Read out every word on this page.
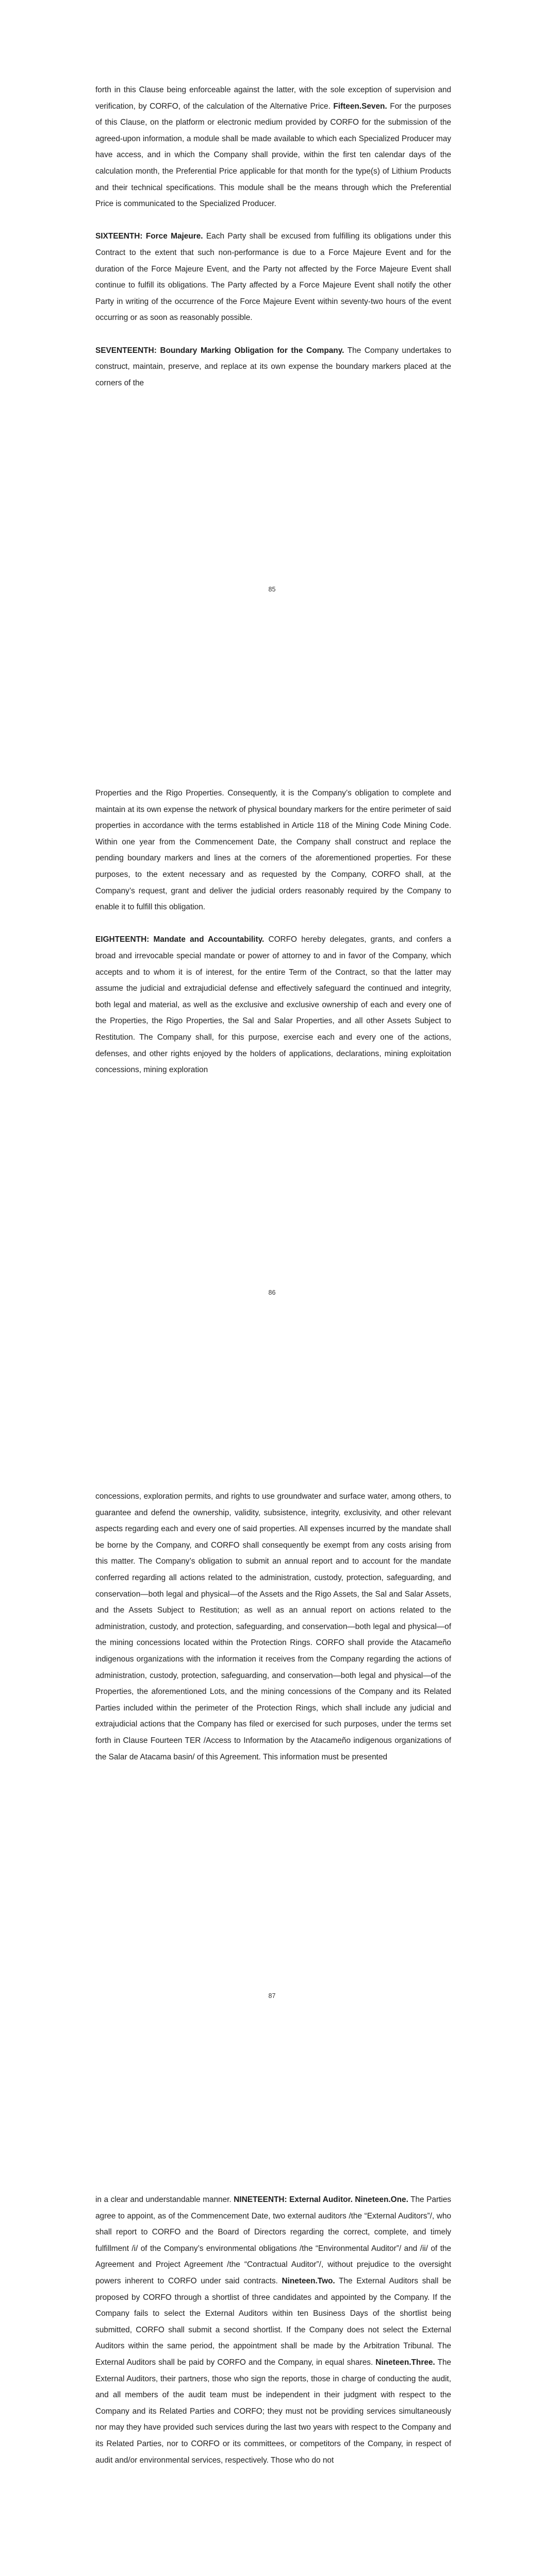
forth in this Clause being enforceable against the latter, with the sole exception of supervision and verification, by CORFO, of the calculation of the Alternative Price. Fifteen.Seven. For the purposes of this Clause, on the platform or electronic medium provided by CORFO for the submission of the agreed-upon information, a module shall be made available to which each Specialized Producer may have access, and in which the Company shall provide, within the first ten calendar days of the calculation month, the Preferential Price applicable for that month for the type(s) of Lithium Products and their technical specifications. This module shall be the means through which the Preferential Price is communicated to the Specialized Producer.

SIXTEENTH: Force Majeure. Each Party shall be excused from fulfilling its obligations under this Contract to the extent that such non-performance is due to a Force Majeure Event and for the duration of the Force Majeure Event, and the Party not affected by the Force Majeure Event shall continue to fulfill its obligations. The Party affected by a Force Majeure Event shall notify the other Party in writing of the occurrence of the Force Majeure Event within seventy-two hours of the event occurring or as soon as reasonably possible.

SEVENTEENTH: Boundary Marking Obligation for the Company. The Company undertakes to construct, maintain, preserve, and replace at its own expense the boundary markers placed at the corners of the

85

Properties and the Rigo Properties. Consequently, it is the Company’s obligation to complete and maintain at its own expense the network of physical boundary markers for the entire perimeter of said properties in accordance with the terms established in Article 118 of the Mining Code Mining Code. Within one year from the Commencement Date, the Company shall construct and replace the pending boundary markers and lines at the corners of the aforementioned properties. For these purposes, to the extent necessary and as requested by the Company, CORFO shall, at the Company’s request, grant and deliver the judicial orders reasonably required by the Company to enable it to fulfill this obligation.

EIGHTEENTH: Mandate and Accountability. CORFO hereby delegates, grants, and confers a broad and irrevocable special mandate or power of attorney to and in favor of the Company, which accepts and to whom it is of interest, for the entire Term of the Contract, so that the latter may assume the judicial and extrajudicial defense and effectively safeguard the continued and integrity, both legal and material, as well as the exclusive and exclusive ownership of each and every one of the Properties, the Rigo Properties, the Sal and Salar Properties, and all other Assets Subject to Restitution. The Company shall, for this purpose, exercise each and every one of the actions, defenses, and other rights enjoyed by the holders of applications, declarations, mining exploitation concessions, mining exploration

86

concessions, exploration permits, and rights to use groundwater and surface water, among others, to guarantee and defend the ownership, validity, subsistence, integrity, exclusivity, and other relevant aspects regarding each and every one of said properties. All expenses incurred by the mandate shall be borne by the Company, and CORFO shall consequently be exempt from any costs arising from this matter. The Company’s obligation to submit an annual report and to account for the mandate conferred regarding all actions related to the administration, custody, protection, safeguarding, and conservation—both legal and physical—of the Assets and the Rigo Assets, the Sal and Salar Assets, and the Assets Subject to Restitution; as well as an annual report on actions related to the administration, custody, and protection, safeguarding, and conservation—both legal and physical—of the mining concessions located within the Protection Rings. CORFO shall provide the Atacameño indigenous organizations with the information it receives from the Company regarding the actions of administration, custody, protection, safeguarding, and conservation—both legal and physical—of the Properties, the aforementioned Lots, and the mining concessions of the Company and its Related Parties included within the perimeter of the Protection Rings, which shall include any judicial and extrajudicial actions that the Company has filed or exercised for such purposes, under the terms set forth in Clause Fourteen TER /Access to Information by the Atacameño indigenous organizations of the Salar de Atacama basin/ of this Agreement. This information must be presented

87

in a clear and understandable manner. NINETEENTH: External Auditor. Nineteen.One. The Parties agree to appoint, as of the Commencement Date, two external auditors /the “External Auditors”/, who shall report to CORFO and the Board of Directors regarding the correct, complete, and timely fulfillment /i/ of the Company’s environmental obligations /the “Environmental Auditor”/ and /ii/ of the Agreement and Project Agreement /the “Contractual Auditor”/, without prejudice to the oversight powers inherent to CORFO under said contracts. Nineteen.Two. The External Auditors shall be proposed by CORFO through a shortlist of three candidates and appointed by the Company. If the Company fails to select the External Auditors within ten Business Days of the shortlist being submitted, CORFO shall submit a second shortlist. If the Company does not select the External Auditors within the same period, the appointment shall be made by the Arbitration Tribunal. The External Auditors shall be paid by CORFO and the Company, in equal shares. Nineteen.Three. The External Auditors, their partners, those who sign the reports, those in charge of conducting the audit, and all members of the audit team must be independent in their judgment with respect to the Company and its Related Parties and CORFO; they must not be providing services simultaneously nor may they have provided such services during the last two years with respect to the Company and its Related Parties, nor to CORFO or its committees, or competitors of the Company, in respect of audit and/or environmental services, respectively. Those who do not
